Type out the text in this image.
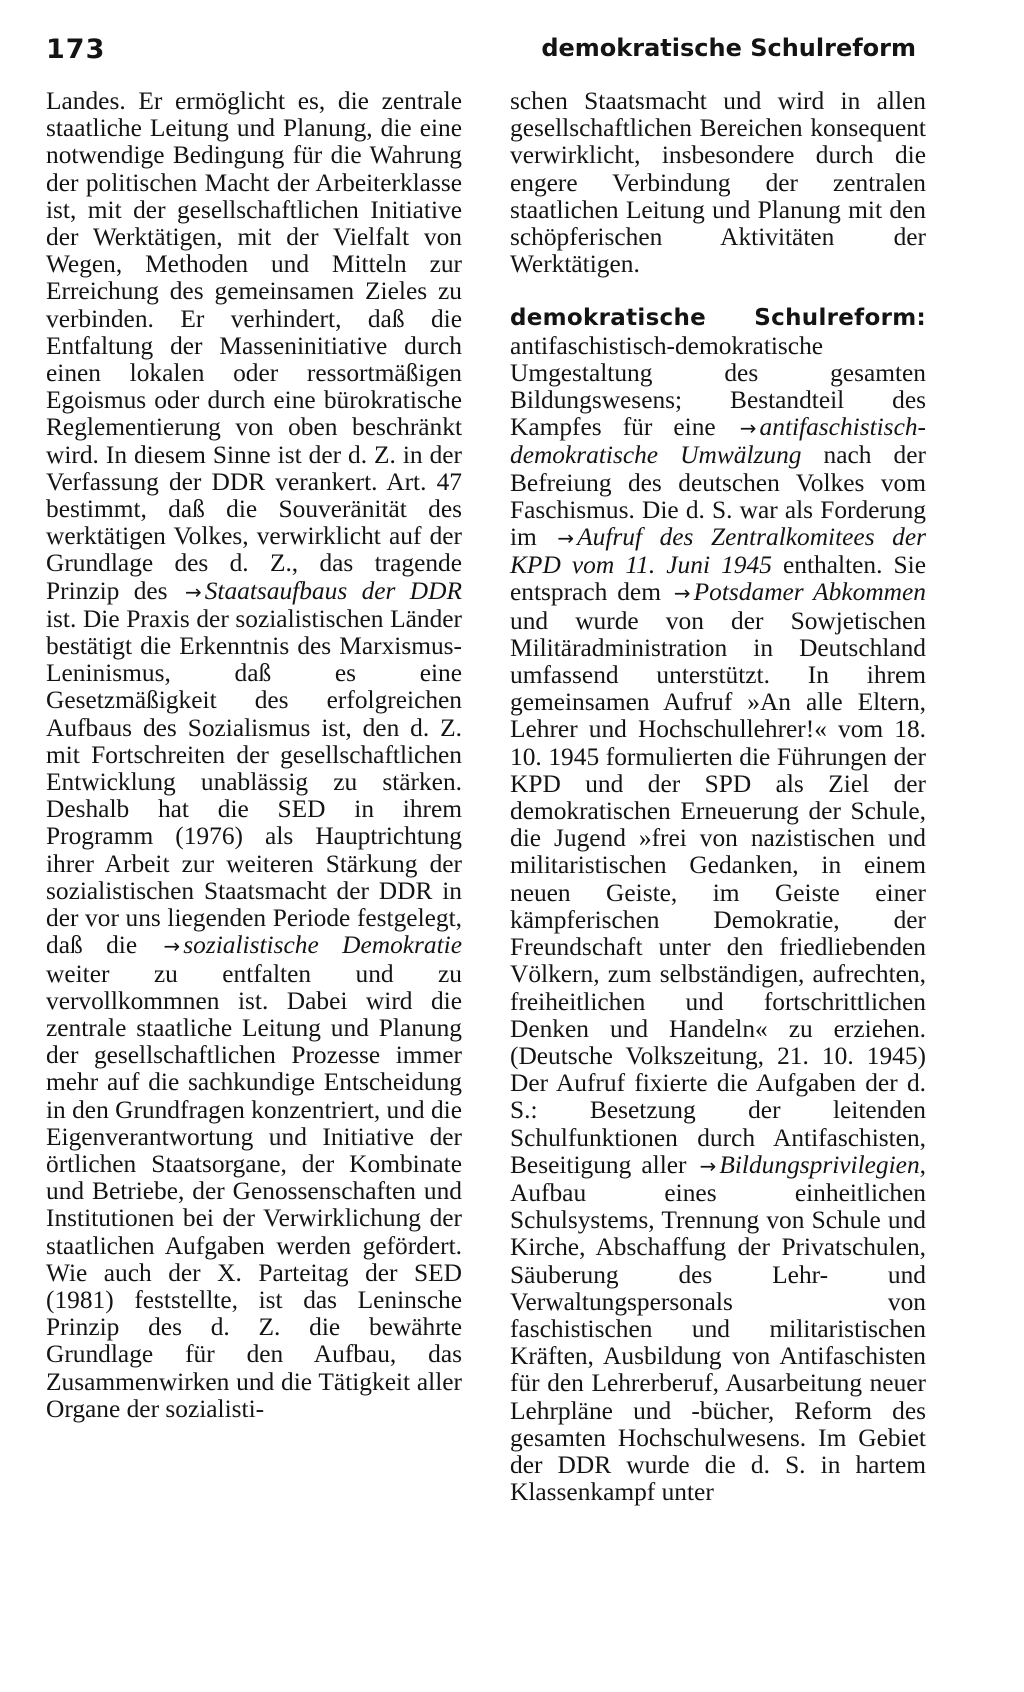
173	demokratische Schulreform

Landes. Er ermöglicht es, die zentrale staatliche Leitung und Planung, die eine notwendige Bedingung für die Wahrung der politischen Macht der Arbeiterklasse ist, mit der gesellschaftlichen Initiative der Werktätigen, mit der Vielfalt von Wegen, Methoden und Mitteln zur Erreichung des gemeinsamen Zieles zu verbinden. Er verhindert, daß die Entfaltung der Masseninitiative durch einen lokalen oder ressortmäßigen Egoismus oder durch eine bürokratische Reglementierung von oben beschränkt wird. In diesem Sinne ist der d. Z. in der Verfassung der DDR verankert. Art. 47 bestimmt, daß die Souveränität des werktätigen Volkes, verwirklicht auf der Grundlage des d. Z., das tragende Prinzip des → Staatsaufbaus der DDR ist. Die Praxis der sozialistischen Länder bestätigt die Erkenntnis des Marxismus-Leninismus, daß es eine Gesetzmäßigkeit des erfolgreichen Aufbaus des Sozialismus ist, den d. Z. mit Fortschreiten der gesellschaftlichen Entwicklung unablässig zu stärken. Deshalb hat die SED in ihrem Programm (1976) als Hauptrichtung ihrer Arbeit zur weiteren Stärkung der sozialistischen Staatsmacht der DDR in der vor uns liegenden Periode festgelegt, daß die → sozialistische Demokratie weiter zu entfalten und zu vervollkommnen ist. Dabei wird die zentrale staatliche Leitung und Planung der gesellschaftlichen Prozesse immer mehr auf die sachkundige Entscheidung in den Grundfragen konzentriert, und die Eigenverantwortung und Initiative der örtlichen Staatsorgane, der Kombinate und Betriebe, der Genossenschaften und Institutionen bei der Verwirklichung der staatlichen Aufgaben werden gefördert. Wie auch der X. Parteitag der SED (1981) feststellte, ist das Leninsche Prinzip des d. Z. die bewährte Grundlage für den Aufbau, das Zusammenwirken und die Tätigkeit aller Organe der sozialisti-

schen Staatsmacht und wird in allen gesellschaftlichen Bereichen konsequent verwirklicht, insbesondere durch die engere Verbindung der zentralen staatlichen Leitung und Planung mit den schöpferischen Aktivitäten der Werktätigen.

demokratische Schulreform: antifaschistisch-demokratische Umgestaltung des gesamten Bildungswesens; Bestandteil des Kampfes für eine → antifaschistisch-demokratische Umwälzung nach der Befreiung des deutschen Volkes vom Faschismus. Die d. S. war als Forderung im → Aufruf des Zentralkomitees der KPD vom 11. Juni 1945 enthalten. Sie entsprach dem → Potsdamer Abkommen und wurde von der Sowjetischen Militäradministration in Deutschland umfassend unterstützt. In ihrem gemeinsamen Aufruf »An alle Eltern, Lehrer und Hochschullehrer!« vom 18. 10. 1945 formulierten die Führungen der KPD und der SPD als Ziel der demokratischen Erneuerung der Schule, die Jugend »frei von nazistischen und militaristischen Gedanken, in einem neuen Geiste, im Geiste einer kämpferischen Demokratie, der Freundschaft unter den friedliebenden Völkern, zum selbständigen, aufrechten, freiheitlichen und fortschrittlichen Denken und Handeln« zu erziehen. (Deutsche Volkszeitung, 21. 10. 1945) Der Aufruf fixierte die Aufgaben der d. S.: Besetzung der leitenden Schulfunktionen durch Antifaschisten, Beseitigung aller → Bildungsprivilegien, Aufbau eines einheitlichen Schulsystems, Trennung von Schule und Kirche, Abschaffung der Privatschulen, Säuberung des Lehr- und Verwaltungspersonals von faschistischen und militaristischen Kräften, Ausbildung von Antifaschisten für den Lehrerberuf, Ausarbeitung neuer Lehrpläne und -bücher, Reform des gesamten Hochschulwesens. Im Gebiet der DDR wurde die d. S. in hartem Klassenkampf unter
